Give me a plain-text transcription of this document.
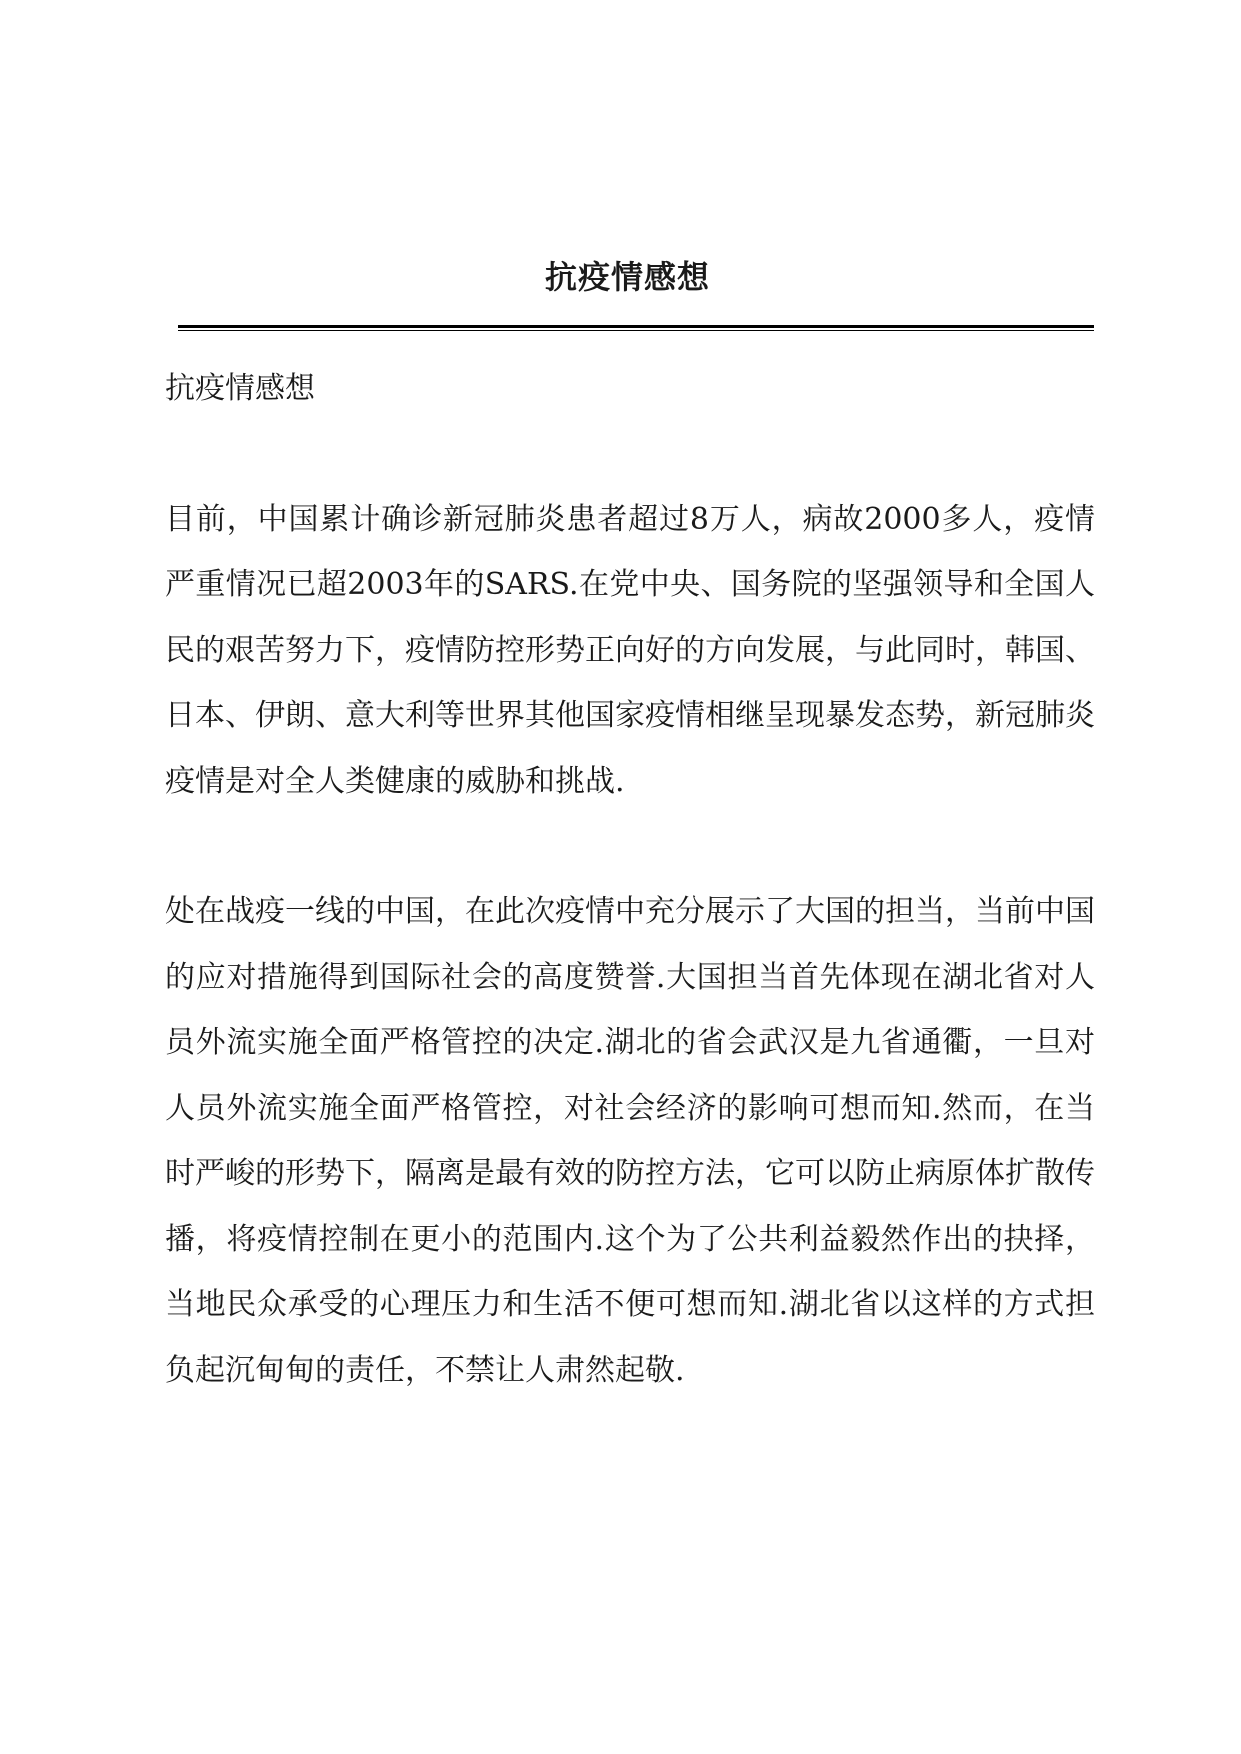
抗疫情感想

抗疫情感想

目前，中国累计确诊新冠肺炎患者超过8万人，病故2000多人，疫情严重情况已超2003年的SARS.在党中央、国务院的坚强领导和全国人民的艰苦努力下，疫情防控形势正向好的方向发展，与此同时，韩国、日本、伊朗、意大利等世界其他国家疫情相继呈现暴发态势，新冠肺炎疫情是对全人类健康的威胁和挑战.

处在战疫一线的中国，在此次疫情中充分展示了大国的担当，当前中国的应对措施得到国际社会的高度赞誉.大国担当首先体现在湖北省对人员外流实施全面严格管控的决定.湖北的省会武汉是九省通衢，一旦对人员外流实施全面严格管控，对社会经济的影响可想而知.然而，在当时严峻的形势下，隔离是最有效的防控方法，它可以防止病原体扩散传播，将疫情控制在更小的范围内.这个为了公共利益毅然作出的抉择，当地民众承受的心理压力和生活不便可想而知.湖北省以这样的方式担负起沉甸甸的责任，不禁让人肃然起敬.
